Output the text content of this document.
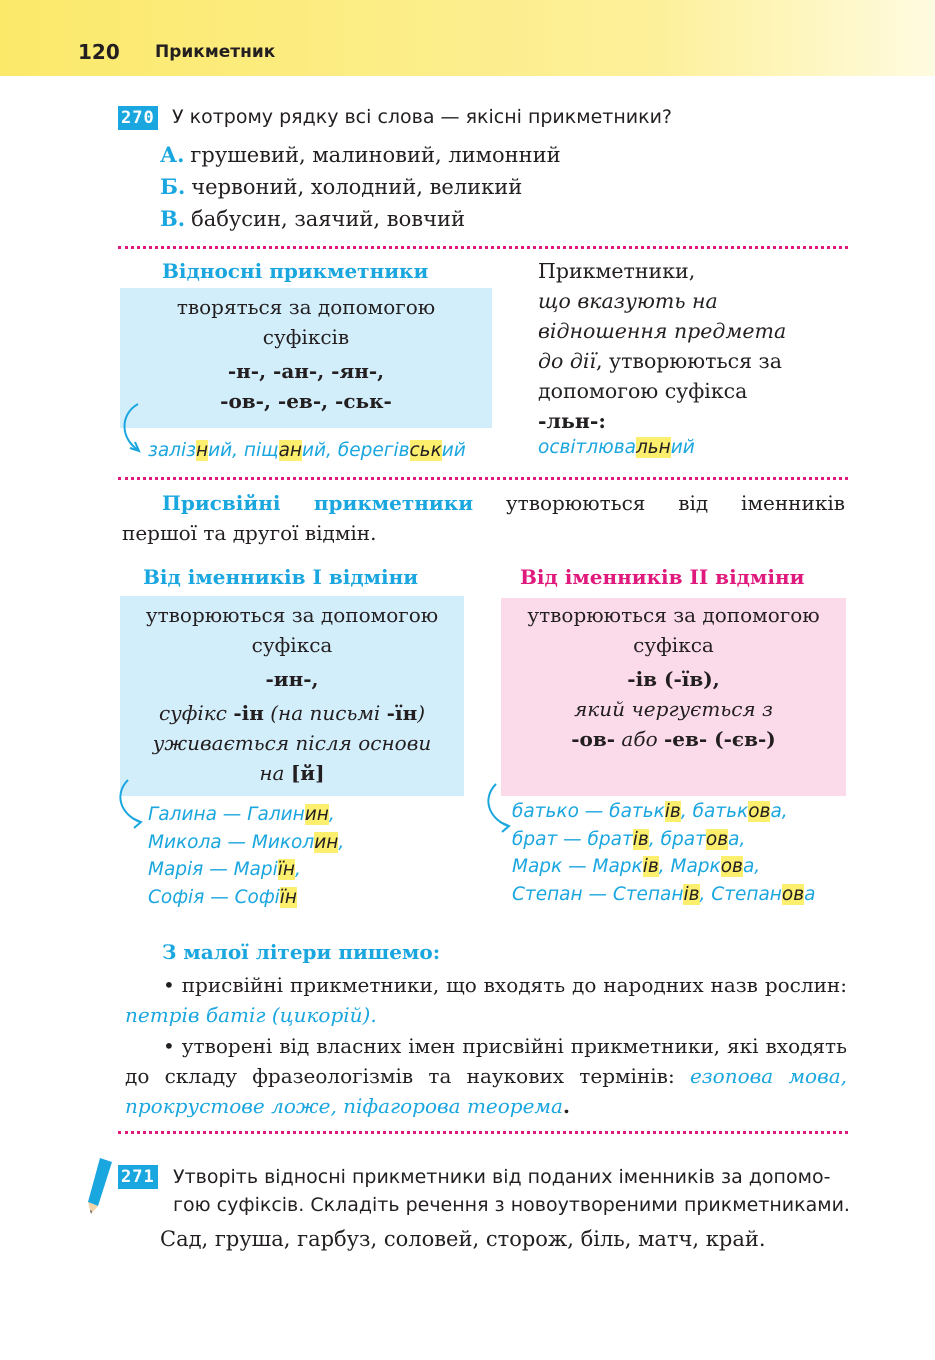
120 Прикметник
270 У котрому рядку всі слова — якісні прикметники?
А. грушевий, малиновий, лимонний
Б. червоний, холодний, великий
В. бабусин, заячий, вовчий
Відносні прикметники
творяться за допомогою
суфіксів
-н-, -ан-, -ян-,
-ов-, -ев-, -ськ-
залізний, піщаний, берегівський
Прикметники,
що вказують на
відношення предмета
до дії, утворюються за
допомогою суфікса
-льн-:
освітлювальний
Присвійні прикметники утворюються від іменників
першої та другої відмін.
Від іменників І відміни
утворюються за допомогою
суфікса
-ин-,
суфікс -ін (на письмі -їн)
уживається після основи
на [й]
Галина — Галинин,
Микола — Миколин,
Марія — Маріїн,
Софія — Софіїн
Від іменників ІІ відміни
утворюються за допомогою
суфікса
-ів (-їв),
який чергується з
-ов- або -ев- (-єв-)
батько — батьків, батькова,
брат — братів, братова,
Марк — Марків, Маркова,
Степан — Степанів, Степанова
З малої літери пишемо:
• присвійні прикметники, що входять до народних назв рослин: петрів батіг (цикорій).
• утворені від власних імен присвійні прикметники, які входять до складу фразеологізмів та наукових термінів: езопова мова, прокрустове ложе, піфагорова теорема.
271 Утворіть відносні прикметники від поданих іменників за допомо-
гою суфіксів. Складіть речення з новоутвореними прикметниками.
Сад, груша, гарбуз, соловей, сторож, біль, матч, край.
